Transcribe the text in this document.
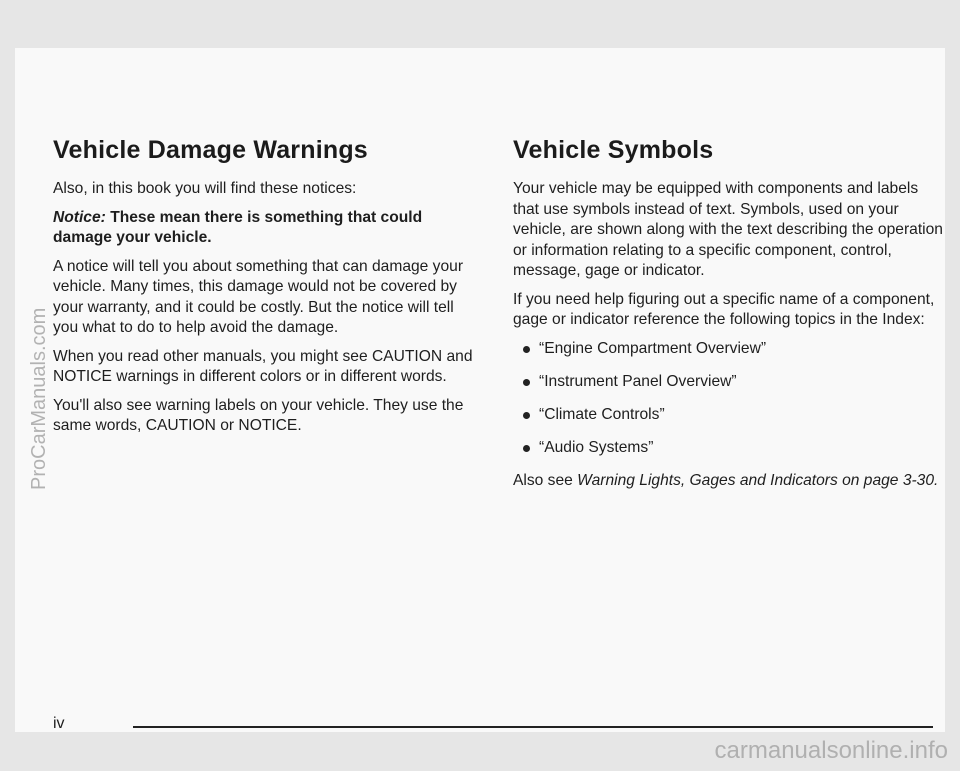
Vehicle Damage Warnings

Also, in this book you will find these notices:

Notice: These mean there is something that could damage your vehicle.

A notice will tell you about something that can damage your vehicle. Many times, this damage would not be covered by your warranty, and it could be costly. But the notice will tell you what to do to help avoid the damage.

When you read other manuals, you might see CAUTION and NOTICE warnings in different colors or in different words.

You'll also see warning labels on your vehicle. They use the same words, CAUTION or NOTICE.

Vehicle Symbols

Your vehicle may be equipped with components and labels that use symbols instead of text. Symbols, used on your vehicle, are shown along with the text describing the operation or information relating to a specific component, control, message, gage or indicator.

If you need help figuring out a specific name of a component, gage or indicator reference the following topics in the Index:

“Engine Compartment Overview”
“Instrument Panel Overview”
“Climate Controls”
“Audio Systems”

Also see Warning Lights, Gages and Indicators on page 3-30.

iv
ProCarManuals.com
carmanualsonline.info
